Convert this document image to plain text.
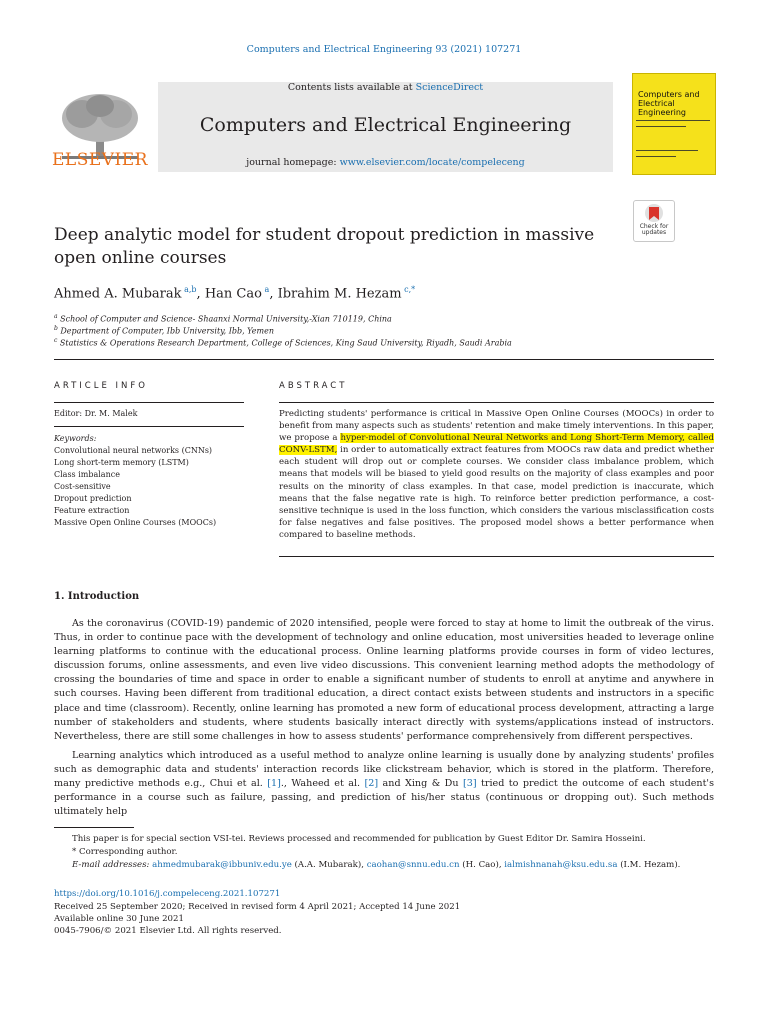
Computers and Electrical Engineering 93 (2021) 107271
ELSEVIER
Contents lists available at ScienceDirect
Computers and Electrical Engineering
journal homepage: www.elsevier.com/locate/compeleceng
Computers and Electrical Engineering
Check for updates
Deep analytic model for student dropout prediction in massive open online courses
Ahmed A. Mubarak  $^{a,b}$, Han Cao  $^a$, Ibrahim M. Hezam  $^{c,*}$
$^a$ School of Computer and Science- Shaanxi Normal University,-Xian 710119, China
$^b$ Department of Computer, Ibb University, Ibb, Yemen
$^c$ Statistics & Operations Research Department, College of Sciences, King Saud University, Riyadh, Saudi Arabia
ARTICLE INFO
Editor: Dr. M. Malek
Keywords:
Convolutional neural networks (CNNs)
Long short-term memory (LSTM)
Class imbalance
Cost-sensitive
Dropout prediction
Feature extraction
Massive Open Online Courses (MOOCs)
ABSTRACT
Predicting students' performance is critical in Massive Open Online Courses (MOOCs) in order to benefit from many aspects such as students' retention and make timely interventions. In this paper, we propose a hyper-model of Convolutional Neural Networks and Long Short-Term Memory, called CONV-LSTM, in order to automatically extract features from MOOCs raw data and predict whether each student will drop out or complete courses. We consider class imbalance problem, which means that models will be biased to yield good results on the majority of class examples and poor results on the minority of class examples. In that case, model prediction is inaccurate, which means that the false negative rate is high. To reinforce better prediction performance, a cost-sensitive technique is used in the loss function, which considers the various misclassification costs for false negatives and false positives. The proposed model shows a better performance when compared to baseline methods.
1. Introduction
As the coronavirus (COVID-19) pandemic of 2020 intensified, people were forced to stay at home to limit the outbreak of the virus. Thus, in order to continue pace with the development of technology and online education, most universities headed to leverage online learning platforms to continue with the educational process. Online learning platforms provide courses in form of video lectures, discussion forums, online assessments, and even live video discussions. This convenient learning method adopts the methodology of crossing the boundaries of time and space in order to enable a significant number of students to enroll at anytime and anywhere in such courses. Having been different from traditional education, a direct contact exists between students and instructors in a specific place and time (classroom). Recently, online learning has promoted a new form of educational process development, attracting a large number of stakeholders and students, where students basically interact directly with systems/applications instead of instructors. Nevertheless, there are still some challenges in how to assess students' performance comprehensively from different perspectives.
Learning analytics which introduced as a useful method to analyze online learning is usually done by analyzing students' profiles such as demographic data and students' interaction records like clickstream behavior, which is stored in the platform. Therefore, many predictive methods e.g., Chui et al. [1]., Waheed et al. [2] and Xing & Du [3] tried to predict the outcome of each student's performance in a course such as failure, passing, and prediction of his/her status (continuous or dropping out). Such methods ultimately help
This paper is for special section VSI-tei. Reviews processed and recommended for publication by Guest Editor Dr. Samira Hosseini.
* Corresponding author.
E-mail addresses: ahmedmubarak@ibbuniv.edu.ye (A.A. Mubarak), caohan@snnu.edu.cn (H. Cao), ialmishnanah@ksu.edu.sa (I.M. Hezam).
https://doi.org/10.1016/j.compeleceng.2021.107271
Received 25 September 2020; Received in revised form 4 April 2021; Accepted 14 June 2021
Available online 30 June 2021
0045-7906/© 2021 Elsevier Ltd. All rights reserved.
